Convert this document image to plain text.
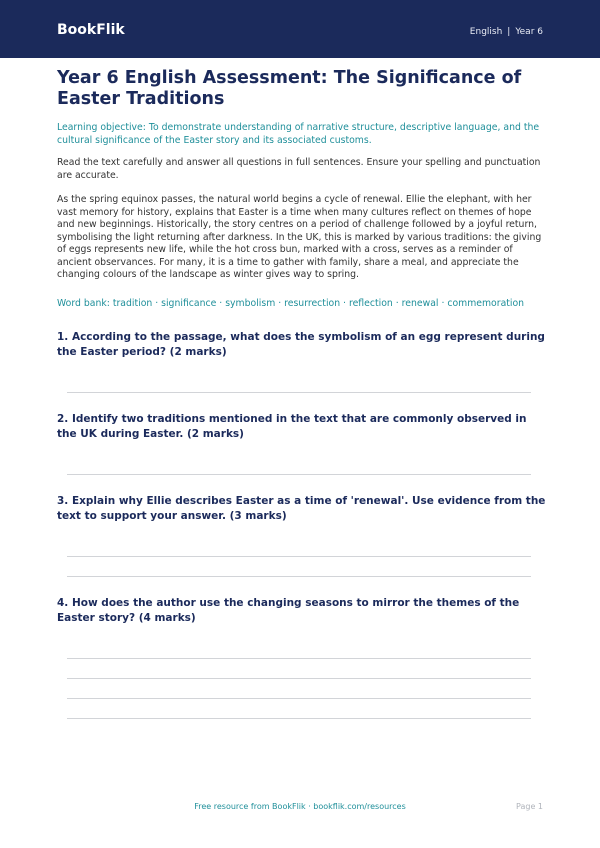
BookFlik	English | Year 6
Year 6 English Assessment: The Significance of Easter Traditions
Learning objective: To demonstrate understanding of narrative structure, descriptive language, and the cultural significance of the Easter story and its associated customs.
Read the text carefully and answer all questions in full sentences. Ensure your spelling and punctuation are accurate.
As the spring equinox passes, the natural world begins a cycle of renewal. Ellie the elephant, with her vast memory for history, explains that Easter is a time when many cultures reflect on themes of hope and new beginnings. Historically, the story centres on a period of challenge followed by a joyful return, symbolising the light returning after darkness. In the UK, this is marked by various traditions: the giving of eggs represents new life, while the hot cross bun, marked with a cross, serves as a reminder of ancient observances. For many, it is a time to gather with family, share a meal, and appreciate the changing colours of the landscape as winter gives way to spring.
Word bank: tradition · significance · symbolism · resurrection · reflection · renewal · commemoration
1. According to the passage, what does the symbolism of an egg represent during the Easter period? (2 marks)
2. Identify two traditions mentioned in the text that are commonly observed in the UK during Easter. (2 marks)
3. Explain why Ellie describes Easter as a time of 'renewal'. Use evidence from the text to support your answer. (3 marks)
4. How does the author use the changing seasons to mirror the themes of the Easter story? (4 marks)
Free resource from BookFlik · bookflik.com/resources	Page 1
